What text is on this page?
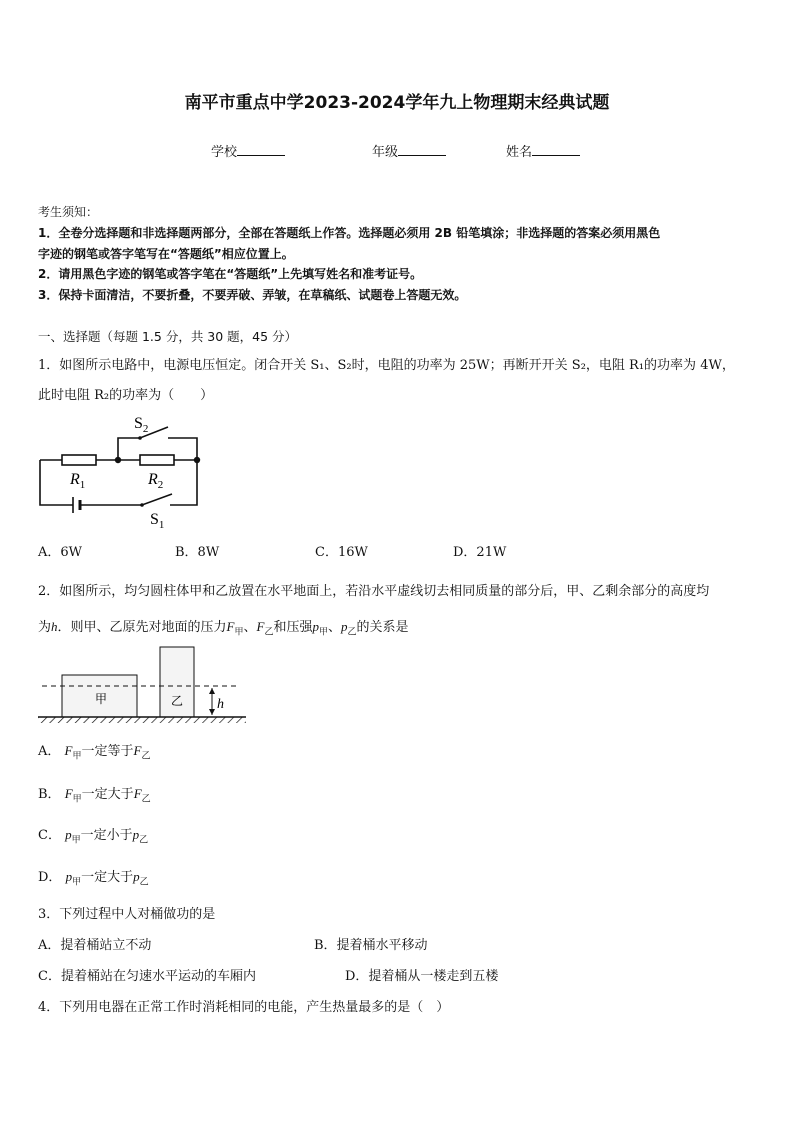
南平市重点中学2023-2024学年九上物理期末经典试题
学校	年级	姓名
考生须知：
1．全卷分选择题和非选择题两部分，全部在答题纸上作答。选择题必须用 2B 铅笔填涂；非选择题的答案必须用黑色
字迹的钢笔或答字笔写在“答题纸”相应位置上。
2．请用黑色字迹的钢笔或答字笔在“答题纸”上先填写姓名和准考证号。
3．保持卡面清洁，不要折叠，不要弄破、弄皱，在草稿纸、试题卷上答题无效。
一、选择题（每题 1.5 分，共 30 题，45 分）
1．如图所示电路中，电源电压恒定。闭合开关 S₁、S₂时，电阻的功率为 25W；再断开开关 S₂，电阻 R₁的功率为 4W，
此时电阻 R₂的功率为（　　）
$S_2$
$R_1$	$R_2$
$S_1$
A．6W	B．8W	C．16W	D．21W
2．如图所示，均匀圆柱体甲和乙放置在水平地面上，若沿水平虚线切去相同质量的部分后，甲、乙剩余部分的高度均
为h．则甲、乙原先对地面的压力$F_甲$、$F_乙$和压强$p_甲$、$p_乙$的关系是
甲	乙 h
A． $F_甲$一定等于$F_乙$
B． $F_甲$一定大于$F_乙$
C． $p_甲$一定小于$p_乙$
D． $p_甲$一定大于$p_乙$
3．下列过程中人对桶做功的是
A．提着桶站立不动	B．提着桶水平移动
C．提着桶站在匀速水平运动的车厢内	D．提着桶从一楼走到五楼
4．下列用电器在正常工作时消耗相同的电能，产生热量最多的是（　）
